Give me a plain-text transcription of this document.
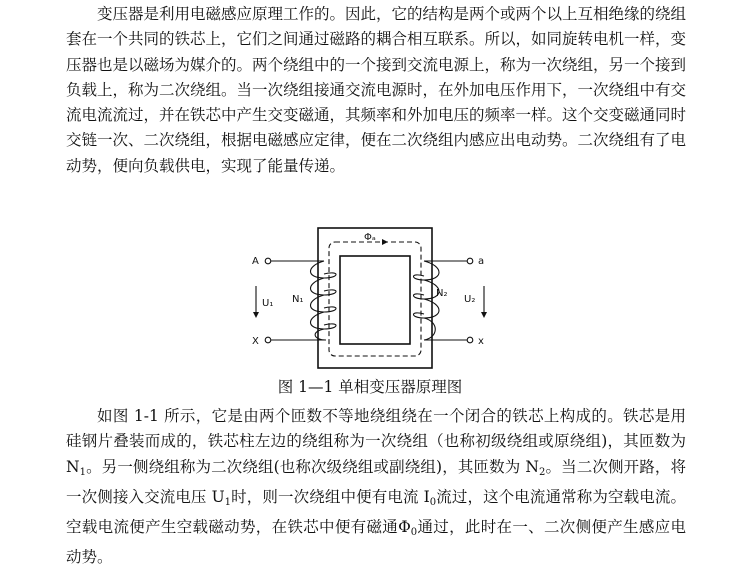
变压器是利用电磁感应原理工作的。因此，它的结构是两个或两个以上互相绝缘的绕组套在一个共同的铁芯上，它们之间通过磁路的耦合相互联系。所以，如同旋转电机一样，变压器也是以磁场为媒介的。两个绕组中的一个接到交流电源上，称为一次绕组，另一个接到负载上，称为二次绕组。当一次绕组接通交流电源时，在外加电压作用下，一次绕组中有交流电流流过，并在铁芯中产生交变磁通，其频率和外加电压的频率一样。这个交变磁通同时交链一次、二次绕组，根据电磁感应定律，便在二次绕组内感应出电动势。二次绕组有了电动势，便向负载供电，实现了能量传递。

Φₐ
A
X
U₁ N₁
a
x
U₂
N₂
图 1—1 单相变压器原理图

如图 1-1 所示，它是由两个匝数不等地绕组绕在一个闭合的铁芯上构成的。铁芯是用硅钢片叠装而成的，铁芯柱左边的绕组称为一次绕组（也称初级绕组或原绕组)，其匝数为 $N_1$。另一侧绕组称为二次绕组(也称次级绕组或副绕组)，其匝数为 $N_2$。当二次侧开路，将一次侧接入交流电压 $U_1$时，则一次绕组中便有电流 $I_0$流过，这个电流通常称为空载电流。空载电流便产生空载磁动势，在铁芯中便有磁通$\Phi_0$通过，此时在一、二次侧便产生感应电动势。
